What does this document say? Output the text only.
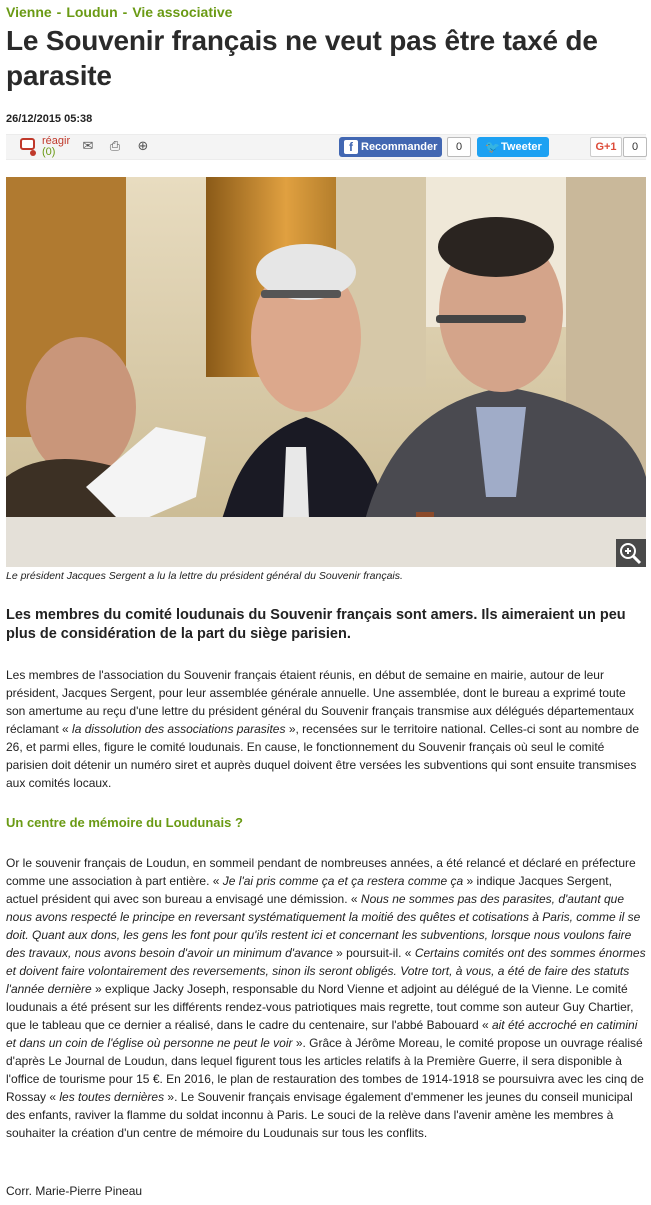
Vienne - Loudun - Vie associative
Le Souvenir français ne veut pas être taxé de parasite
26/12/2015 05:38
réagir
(0) ✉ ⎙ ⊕	f Recommander	0	🐦 Tweeter	G+1	0
Le président Jacques Sergent a lu la lettre du président général du Souvenir français.
Les membres du comité loudunais du Souvenir français sont amers. Ils aimeraient un peu plus de considération de la part du siège parisien.

Les membres de l'association du Souvenir français étaient réunis, en début de semaine en mairie, autour de leur président, Jacques Sergent, pour leur assemblée générale annuelle. Une assemblée, dont le bureau a exprimé toute son amertume au reçu d'une lettre du président général du Souvenir français transmise aux délégués départementaux réclamant « la dissolution des associations parasites », recensées sur le territoire national. Celles-ci sont au nombre de 26, et parmi elles, figure le comité loudunais. En cause, le fonctionnement du Souvenir français où seul le comité parisien doit détenir un numéro siret et auprès duquel doivent être versées les subventions qui sont ensuite transmises aux comités locaux.

Un centre de mémoire du Loudunais ?

Or le souvenir français de Loudun, en sommeil pendant de nombreuses années, a été relancé et déclaré en préfecture comme une association à part entière. « Je l'ai pris comme ça et ça restera comme ça » indique Jacques Sergent, actuel président qui avec son bureau a envisagé une démission. « Nous ne sommes pas des parasites, d'autant que nous avons respecté le principe en reversant systématiquement la moitié des quêtes et cotisations à Paris, comme il se doit. Quant aux dons, les gens les font pour qu'ils restent ici et concernant les subventions, lorsque nous voulons faire des travaux, nous avons besoin d'avoir un minimum d'avance » poursuit-il. « Certains comités ont des sommes énormes et doivent faire volontairement des reversements, sinon ils seront obligés. Votre tort, à vous, a été de faire des statuts l'année dernière » explique Jacky Joseph, responsable du Nord Vienne et adjoint au délégué de la Vienne. Le comité loudunais a été présent sur les différents rendez-vous patriotiques mais regrette, tout comme son auteur Guy Chartier, que le tableau que ce dernier a réalisé, dans le cadre du centenaire, sur l'abbé Babouard « ait été accroché en catimini et dans un coin de l'église où personne ne peut le voir ». Grâce à Jérôme Moreau, le comité propose un ouvrage réalisé d'après Le Journal de Loudun, dans lequel figurent tous les articles relatifs à la Première Guerre, il sera disponible à l'office de tourisme pour 15 €. En 2016, le plan de restauration des tombes de 1914-1918 se poursuivra avec les cinq de Rossay « les toutes dernières ». Le Souvenir français envisage également d'emmener les jeunes du conseil municipal des enfants, raviver la flamme du soldat inconnu à Paris. Le souci de la relève dans l'avenir amène les membres à souhaiter la création d'un centre de mémoire du Loudunais sur tous les conflits.

Corr. Marie-Pierre Pineau
